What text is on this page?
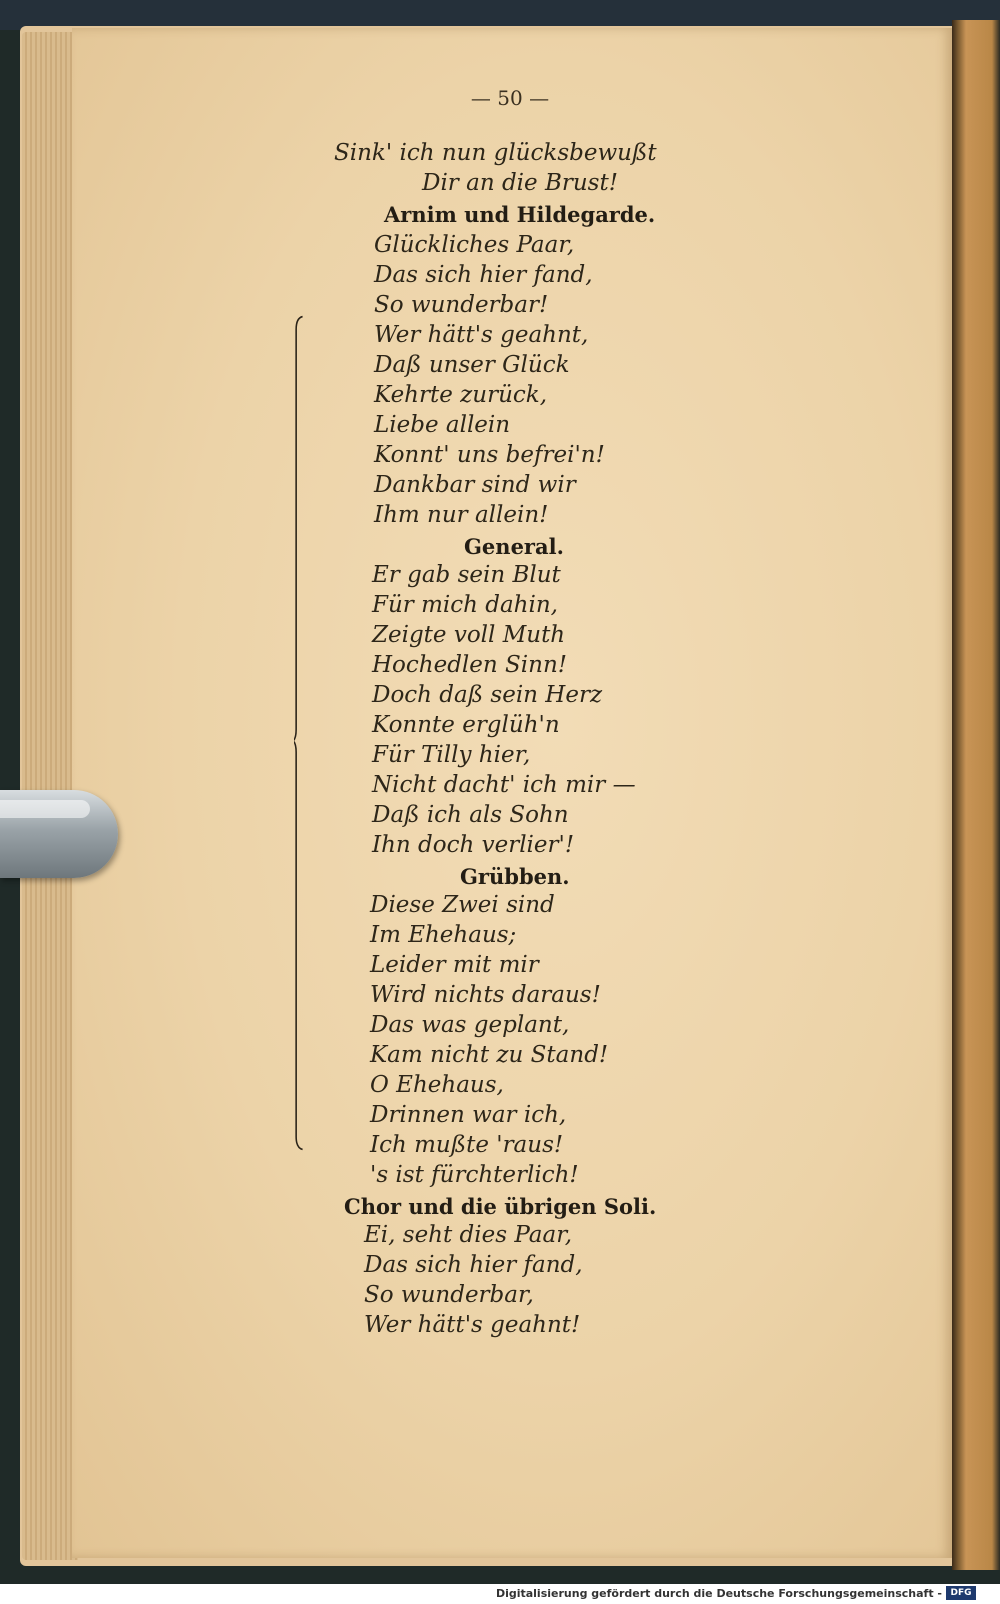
— 50 —
Sink' ich nun glücksbewußt
Dir an die Brust!
Arnim und Hildegarde.
Glückliches Paar,
Das sich hier fand,
So wunderbar!
Wer hätt's geahnt,
Daß unser Glück
Kehrte zurück,
Liebe allein
Konnt' uns befrei'n!
Dankbar sind wir
Ihm nur allein!
General.
Er gab sein Blut
Für mich dahin,
Zeigte voll Muth
Hochedlen Sinn!
Doch daß sein Herz
Konnte erglüh'n
Für Tilly hier,
Nicht dacht' ich mir —
Daß ich als Sohn
Ihn doch verlier'!
Grübben.
Diese Zwei sind
Im Ehehaus;
Leider mit mir
Wird nichts daraus!
Das was geplant,
Kam nicht zu Stand!
O Ehehaus,
Drinnen war ich,
Ich mußte 'raus!
's ist fürchterlich!
Chor und die übrigen Soli.
Ei, seht dies Paar,
Das sich hier fand,
So wunderbar,
Wer hätt's geahnt!
Digitalisierung gefördert durch die Deutsche Forschungsgemeinschaft - DFG
